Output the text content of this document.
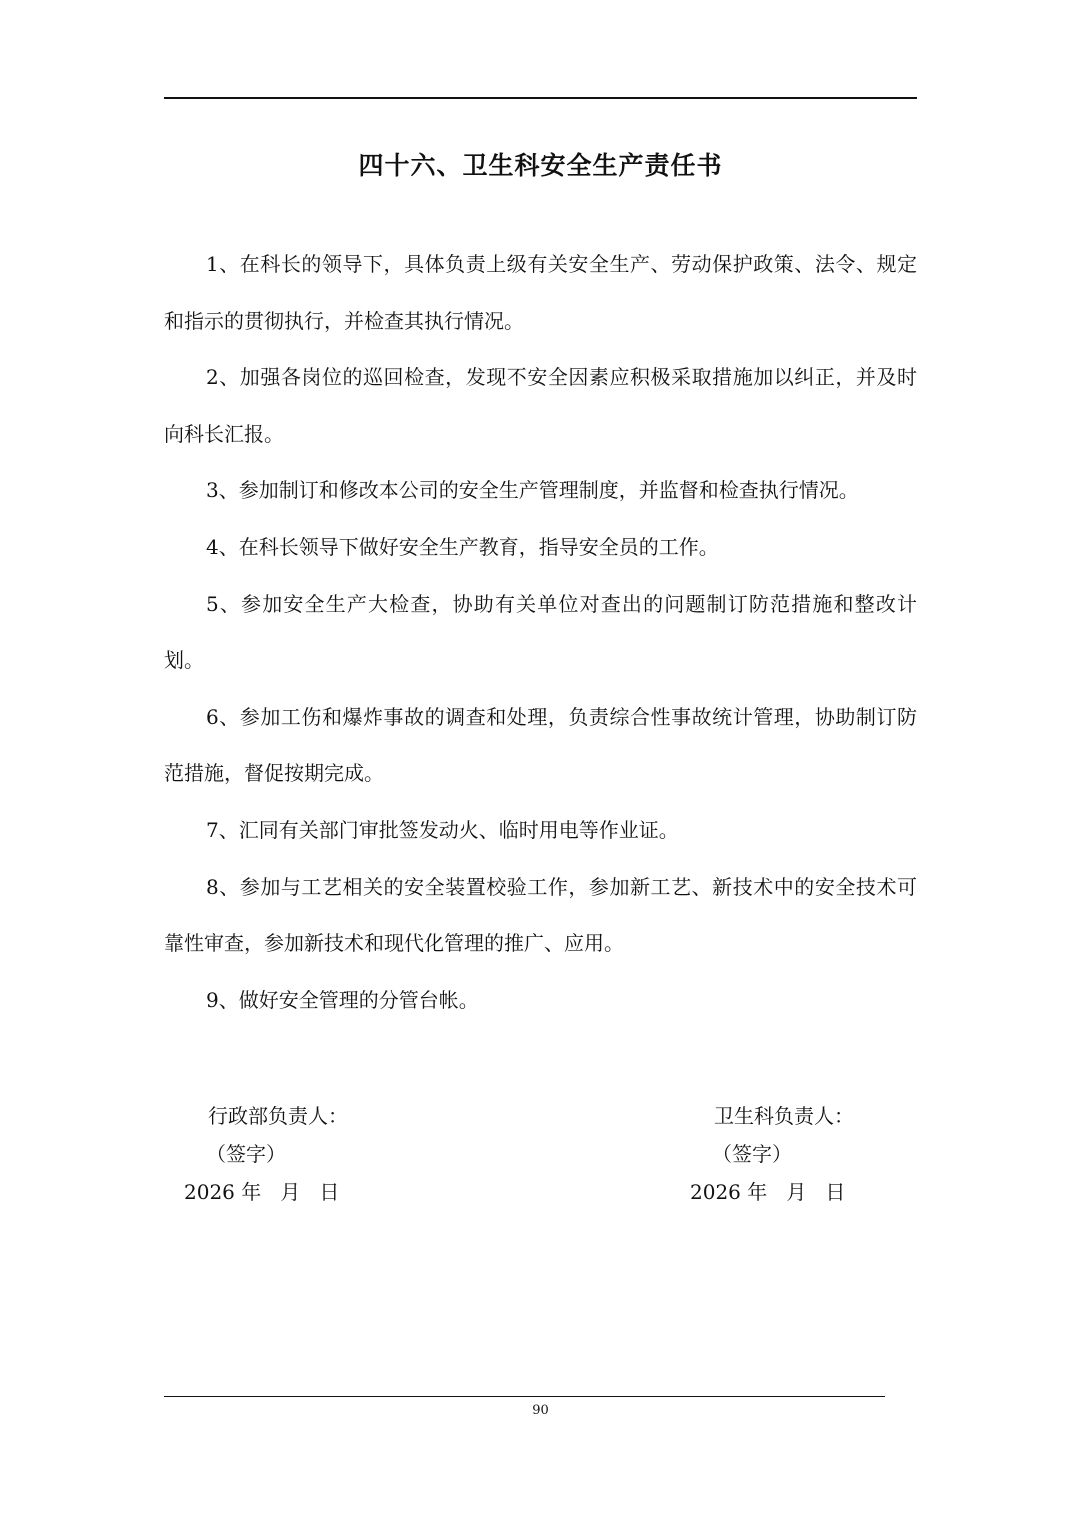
四十六、卫生科安全生产责任书

1、在科长的领导下，具体负责上级有关安全生产、劳动保护政策、法令、规定和指示的贯彻执行，并检查其执行情况。

2、加强各岗位的巡回检查，发现不安全因素应积极采取措施加以纠正，并及时向科长汇报。

3、参加制订和修改本公司的安全生产管理制度，并监督和检查执行情况。

4、在科长领导下做好安全生产教育，指导安全员的工作。

5、参加安全生产大检查，协助有关单位对查出的问题制订防范措施和整改计划。

6、参加工伤和爆炸事故的调查和处理，负责综合性事故统计管理，协助制订防范措施，督促按期完成。

7、汇同有关部门审批签发动火、临时用电等作业证。

8、参加与工艺相关的安全装置校验工作，参加新工艺、新技术中的安全技术可靠性审查，参加新技术和现代化管理的推广、应用。

9、做好安全管理的分管台帐。

行政部负责人：
（签字）
2026 年   月   日
卫生科负责人：
（签字）
2026 年   月   日
90
